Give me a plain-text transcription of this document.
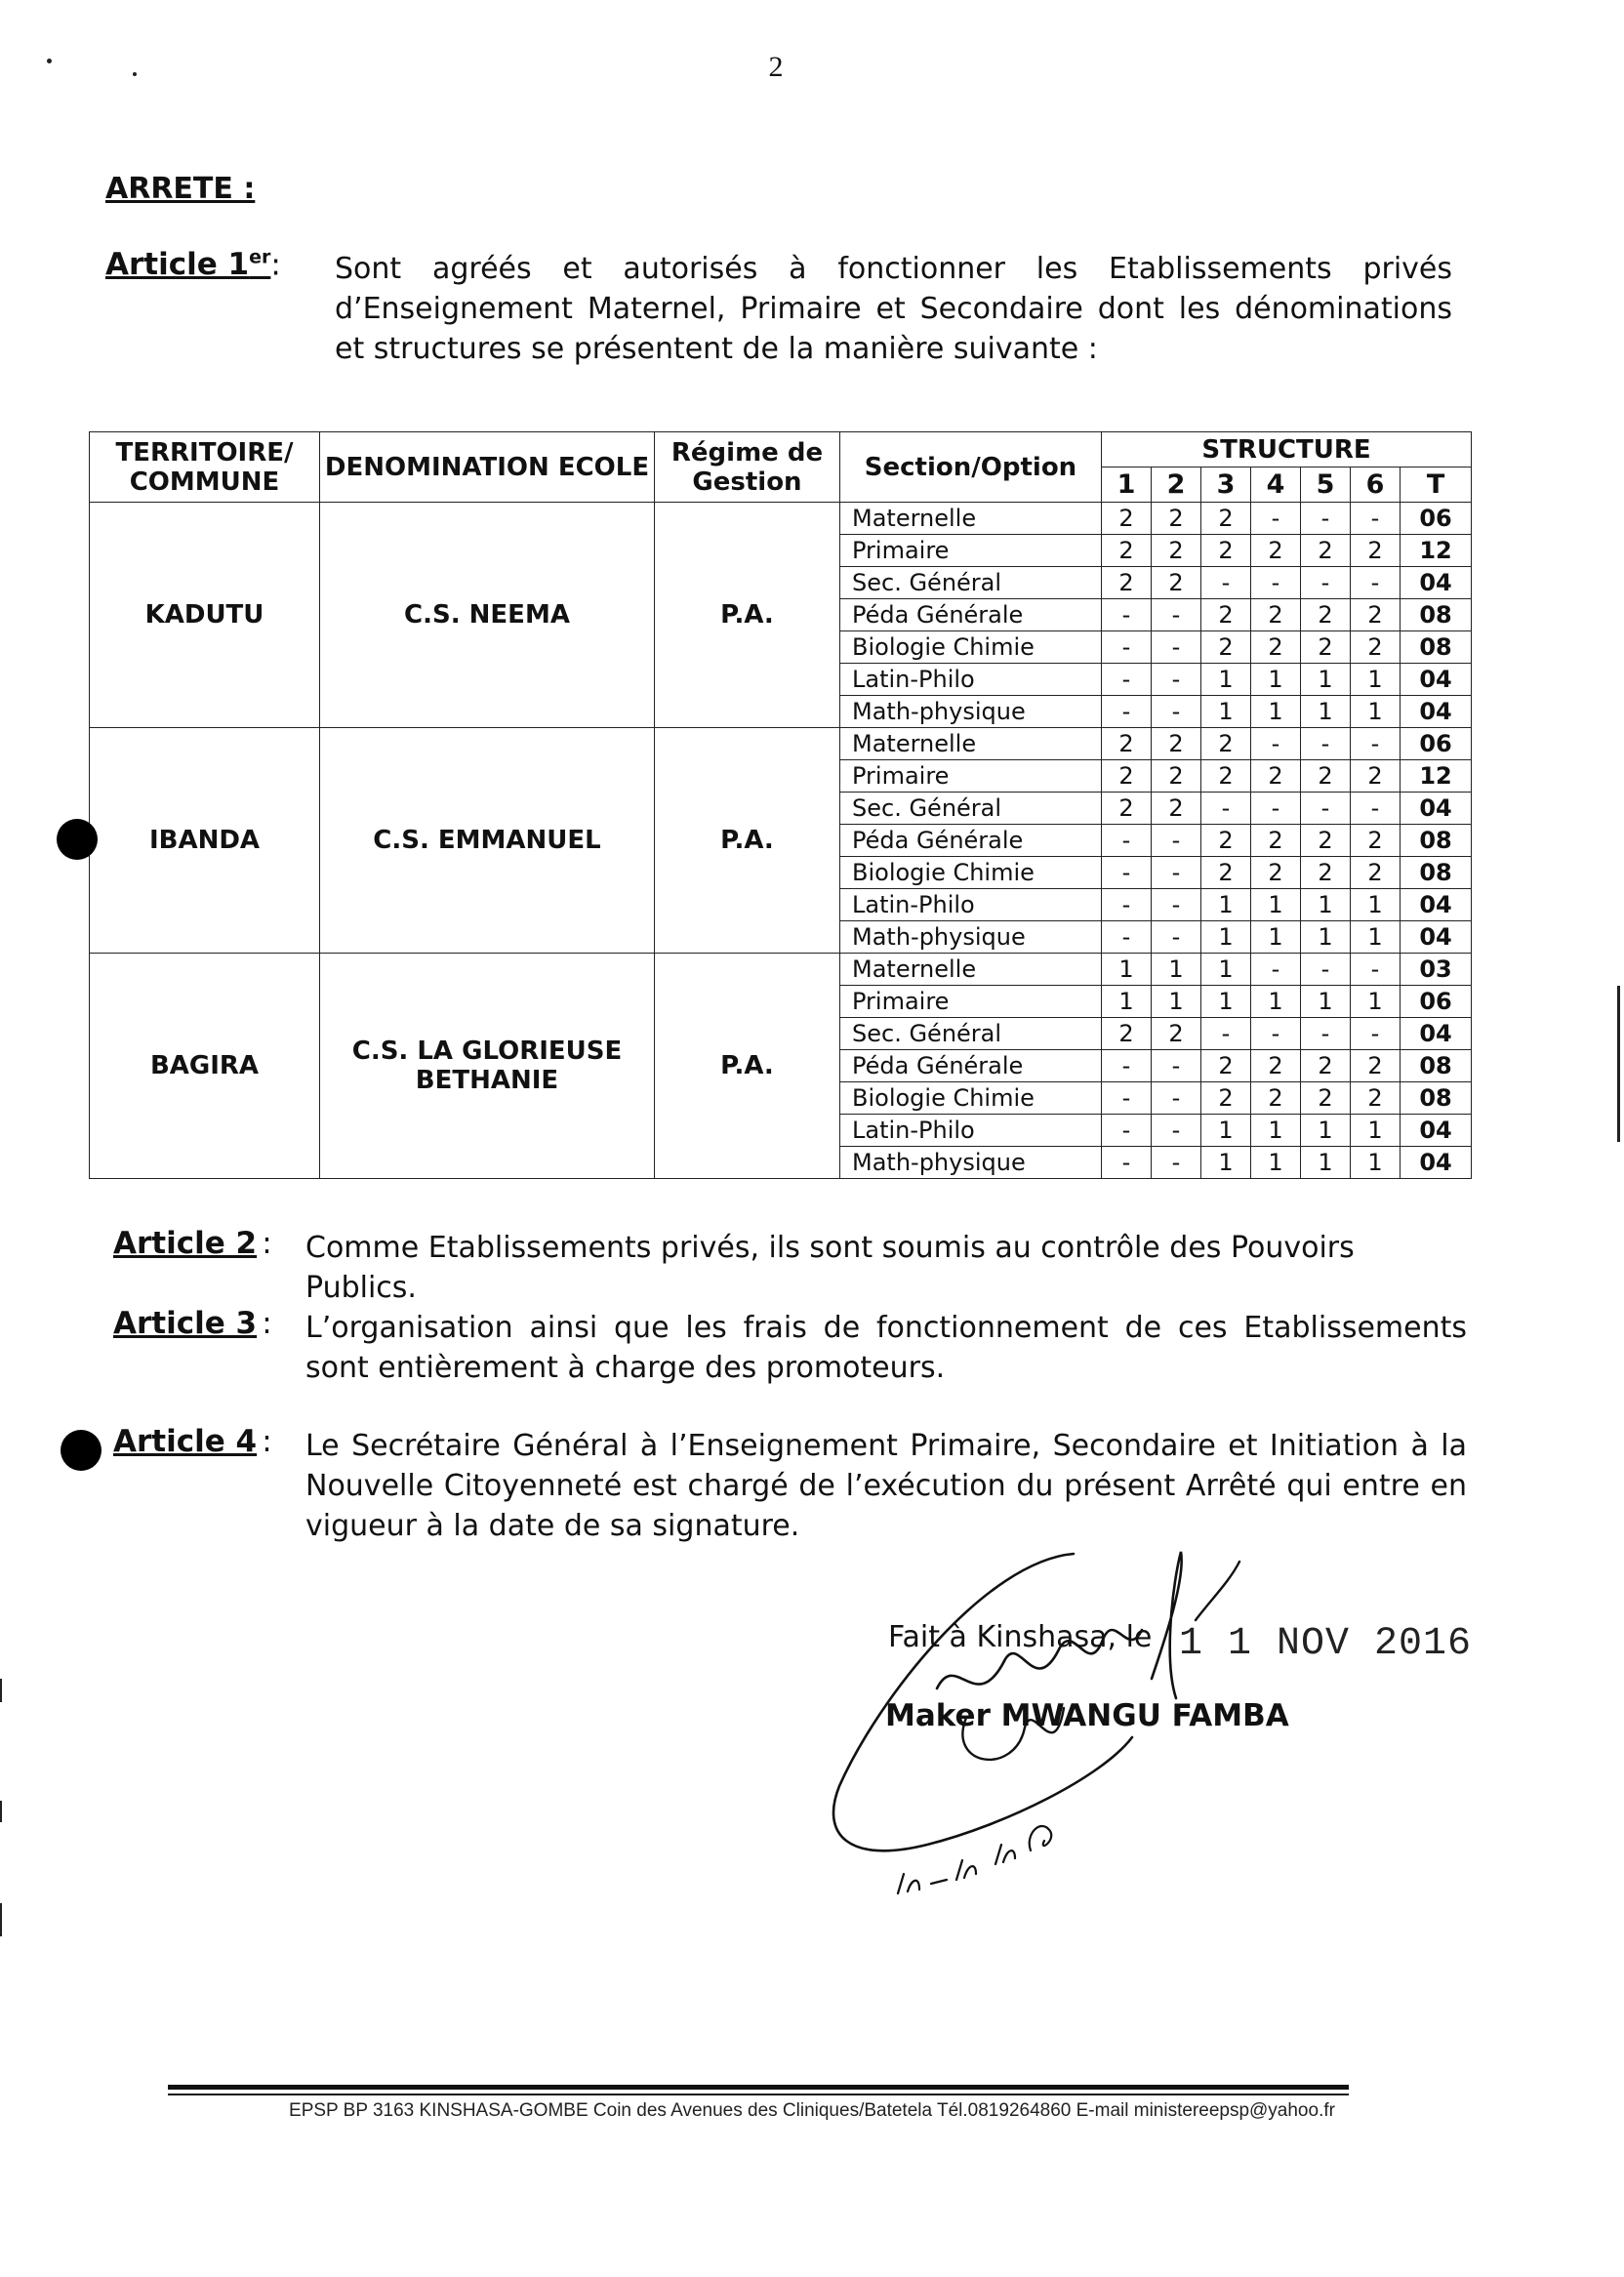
2
ARRETE :
Article 1er: Sont agréés et autorisés à fonctionner les Etablissements privés d’Enseignement Maternel, Primaire et Secondaire dont les dénominations et structures se présentent de la manière suivante :
TERRITOIRE/ COMMUNE	DENOMINATION ECOLE	Régime de Gestion	Section/Option	STRUCTURE						
				1	2	3	4	5	6	T
KADUTU	C.S. NEEMA	P.A.	Maternelle	2	2	2	-	-	-	06
			Primaire	2	2	2	2	2	2	12
			Sec. Général	2	2	-	-	-	-	04
			Péda Générale	-	-	2	2	2	2	08
			Biologie Chimie	-	-	2	2	2	2	08
			Latin-Philo	-	-	1	1	1	1	04
			Math-physique	-	-	1	1	1	1	04
IBANDA	C.S. EMMANUEL	P.A.	Maternelle	2	2	2	-	-	-	06
			Primaire	2	2	2	2	2	2	12
			Sec. Général	2	2	-	-	-	-	04
			Péda Générale	-	-	2	2	2	2	08
			Biologie Chimie	-	-	2	2	2	2	08
			Latin-Philo	-	-	1	1	1	1	04
			Math-physique	-	-	1	1	1	1	04
BAGIRA	C.S. LA GLORIEUSE BETHANIE	P.A.	Maternelle	1	1	1	-	-	-	03
			Primaire	1	1	1	1	1	1	06
			Sec. Général	2	2	-	-	-	-	04
			Péda Générale	-	-	2	2	2	2	08
			Biologie Chimie	-	-	2	2	2	2	08
			Latin-Philo	-	-	1	1	1	1	04
			Math-physique	-	-	1	1	1	1	04
Article 2 : Comme Etablissements privés, ils sont soumis au contrôle des Pouvoirs Publics.
Article 3 : L’organisation ainsi que les frais de fonctionnement de ces Etablissements sont entièrement à charge des promoteurs.
Article 4 : Le Secrétaire Général à l’Enseignement Primaire, Secondaire et Initiation à la Nouvelle Citoyenneté est chargé de l’exécution du présent Arrêté qui entre en vigueur à la date de sa signature.
Fait à Kinshasa, le 1 1 NOV 2016
Maker MWANGU FAMBA
EPSP BP 3163 KINSHASA-GOMBE Coin des Avenues des Cliniques/Batetela Tél.0819264860 E-mail ministereepsp@yahoo.fr
